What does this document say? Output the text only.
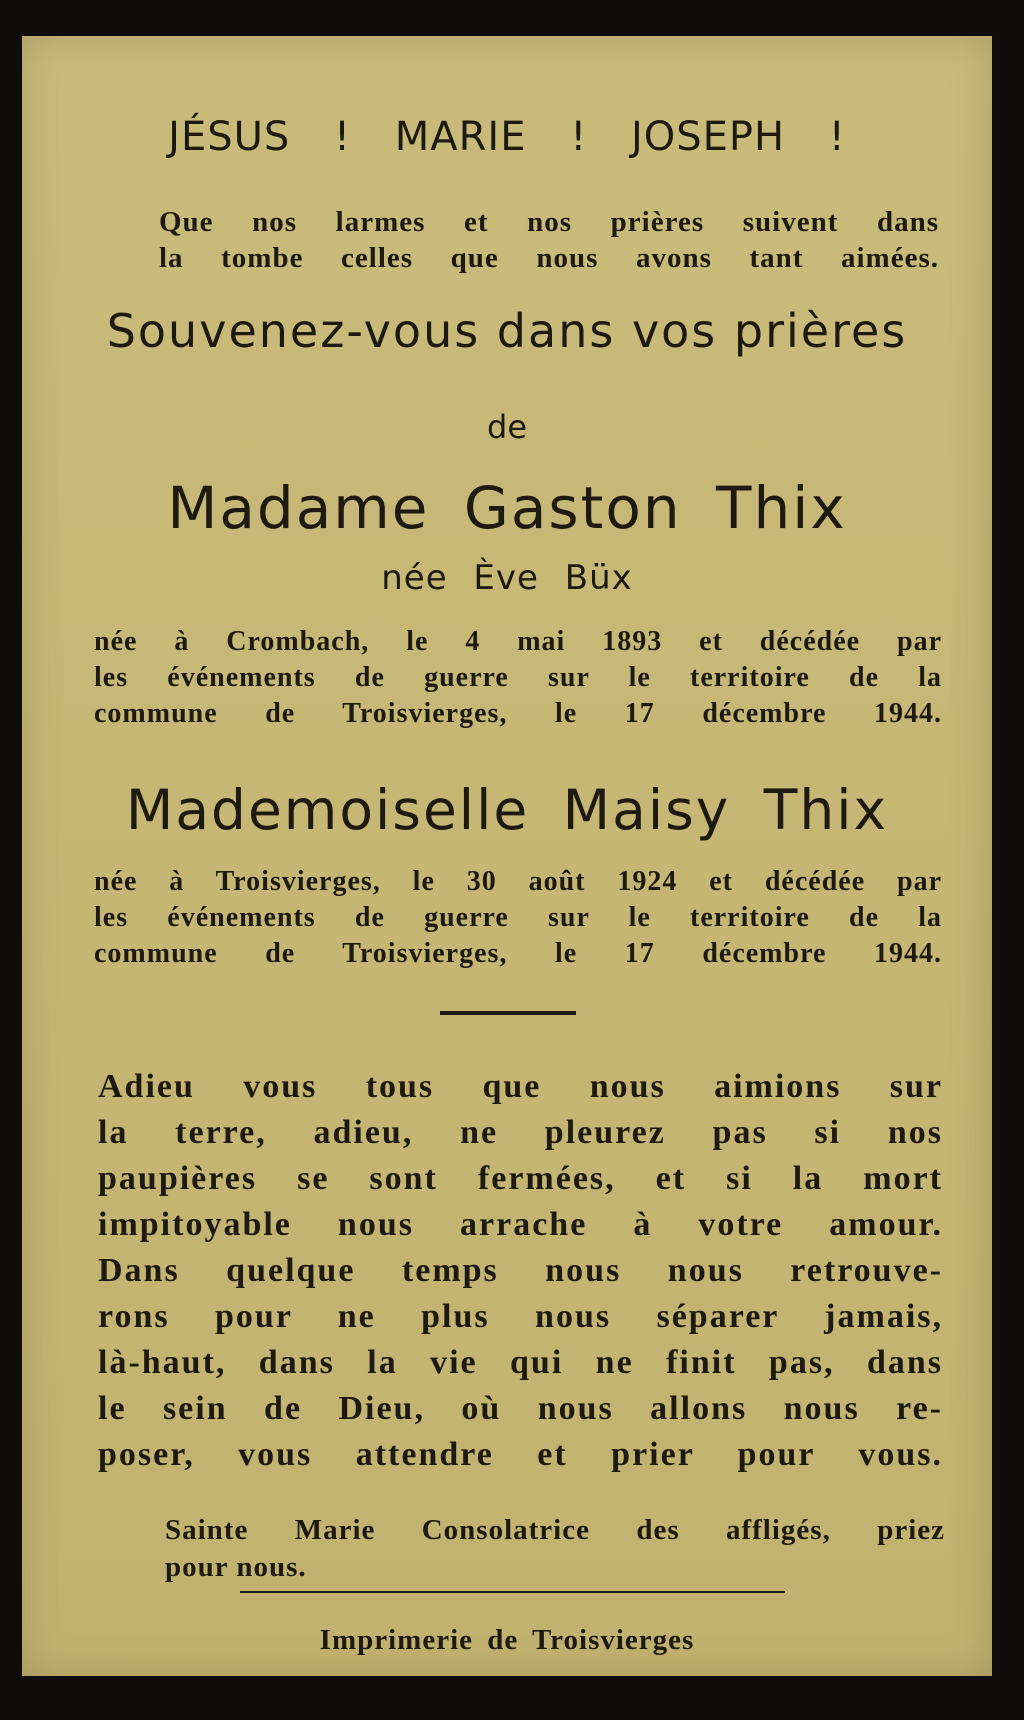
JÉSUS ! MARIE ! JOSEPH !
Que nos larmes et nos prières suivent dans
la tombe celles que nous avons tant aimées.
Souvenez-vous dans vos prières
de
Madame Gaston Thix
née Ève Büx
née à Crombach, le 4 mai 1893 et décédée par
les événements de guerre sur le territoire de la
commune de Troisvierges, le 17 décembre 1944.
Mademoiselle Maisy Thix
née à Troisvierges, le 30 août 1924 et décédée par
les événements de guerre sur le territoire de la
commune de Troisvierges, le 17 décembre 1944.
Adieu vous tous que nous aimions sur
la terre, adieu, ne pleurez pas si nos
paupières se sont fermées, et si la mort
impitoyable nous arrache à votre amour.
Dans quelque temps nous nous retrouve-
rons pour ne plus nous séparer jamais,
là-haut, dans la vie qui ne finit pas, dans
le sein de Dieu, où nous allons nous re-
poser, vous attendre et prier pour vous.
Sainte Marie Consolatrice des affligés, priez
pour nous.
Imprimerie de Troisvierges
